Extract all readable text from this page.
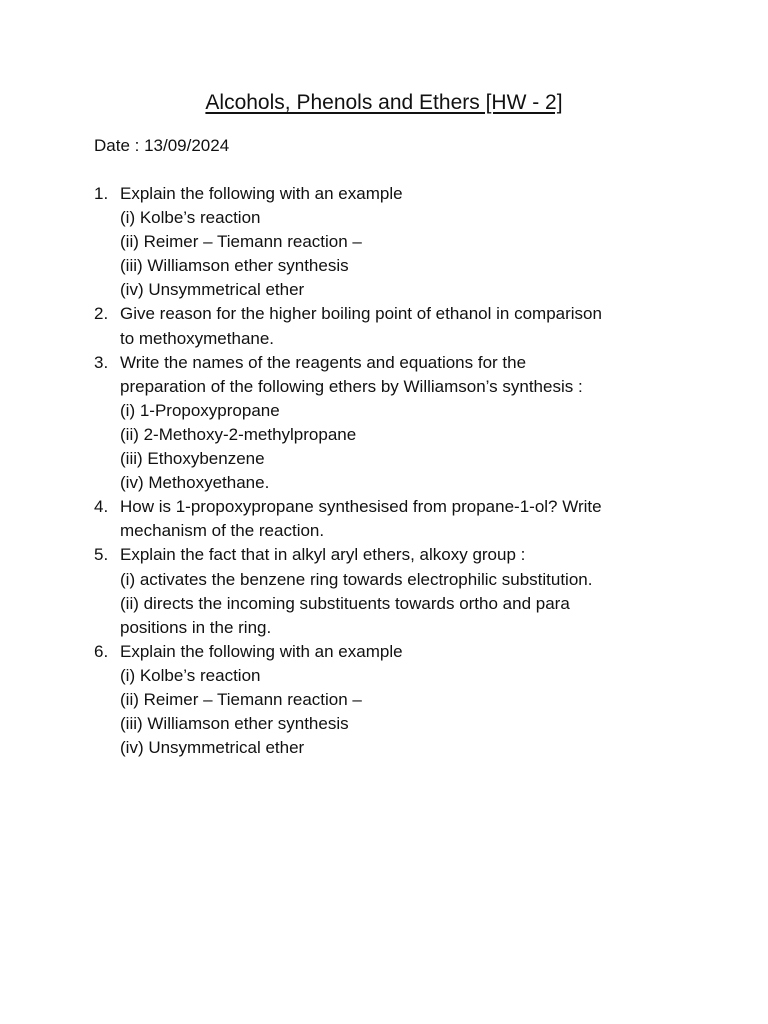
Alcohols, Phenols and Ethers [HW - 2]
Date : 13/09/2024
1. Explain the following with an example
(i) Kolbe’s reaction
(ii) Reimer – Tiemann reaction –
(iii) Williamson ether synthesis
(iv) Unsymmetrical ether
2. Give reason for the higher boiling point of ethanol in comparison
to methoxymethane.
3. Write the names of the reagents and equations for the
preparation of the following ethers by Williamson’s synthesis :
(i) 1-Propoxypropane
(ii) 2-Methoxy-2-methylpropane
(iii) Ethoxybenzene
(iv) Methoxyethane.
4. How is 1-propoxypropane synthesised from propane-1-ol? Write
mechanism of the reaction.
5. Explain the fact that in alkyl aryl ethers, alkoxy group :
(i) activates the benzene ring towards electrophilic substitution.
(ii) directs the incoming substituents towards ortho and para
positions in the ring.
6. Explain the following with an example
(i) Kolbe’s reaction
(ii) Reimer – Tiemann reaction –
(iii) Williamson ether synthesis
(iv) Unsymmetrical ether
